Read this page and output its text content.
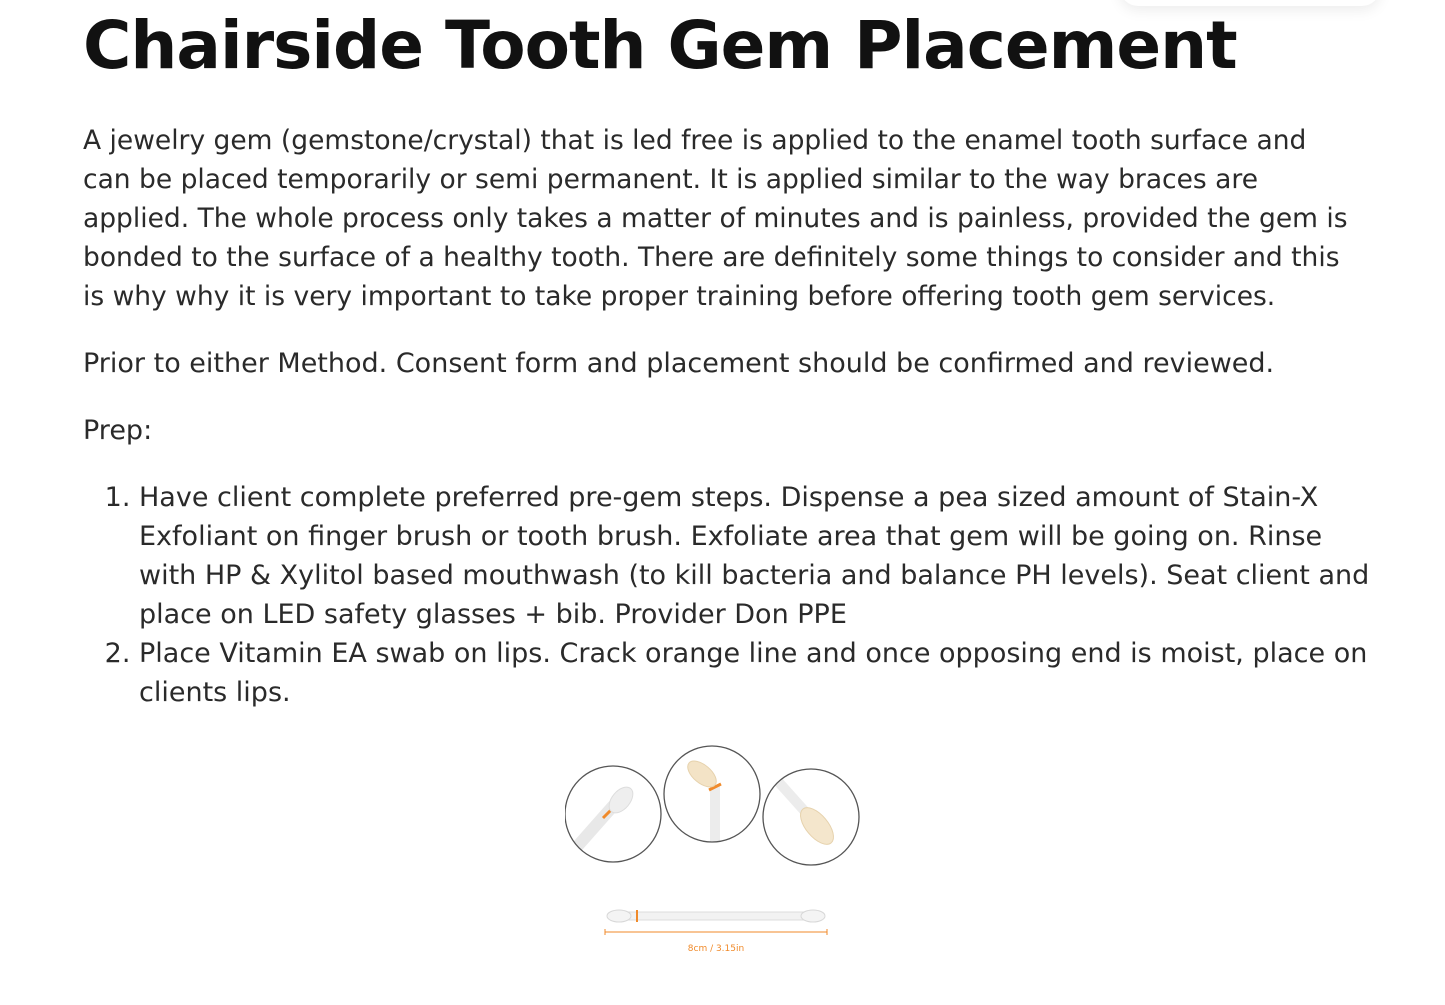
Chairside Tooth Gem Placement

A jewelry gem (gemstone/crystal) that is led free is applied to the enamel tooth surface and can be placed temporarily or semi permanent. It is applied similar to the way braces are applied. The whole process only takes a matter of minutes and is painless, provided the gem is bonded to the surface of a healthy tooth. There are definitely some things to consider and this is why why it is very important to take proper training before offering tooth gem services.

Prior to either Method. Consent form and placement should be confirmed and reviewed.

Prep:

1. Have client complete preferred pre-gem steps. Dispense a pea sized amount of Stain-X Exfoliant on finger brush or tooth brush. Exfoliate area that gem will be going on. Rinse with HP & Xylitol based mouthwash (to kill bacteria and balance PH levels). Seat client and place on LED safety glasses + bib. Provider Don PPE
2. Place Vitamin EA swab on lips. Crack orange line and once opposing end is moist, place on clients lips.
8cm / 3.15in
